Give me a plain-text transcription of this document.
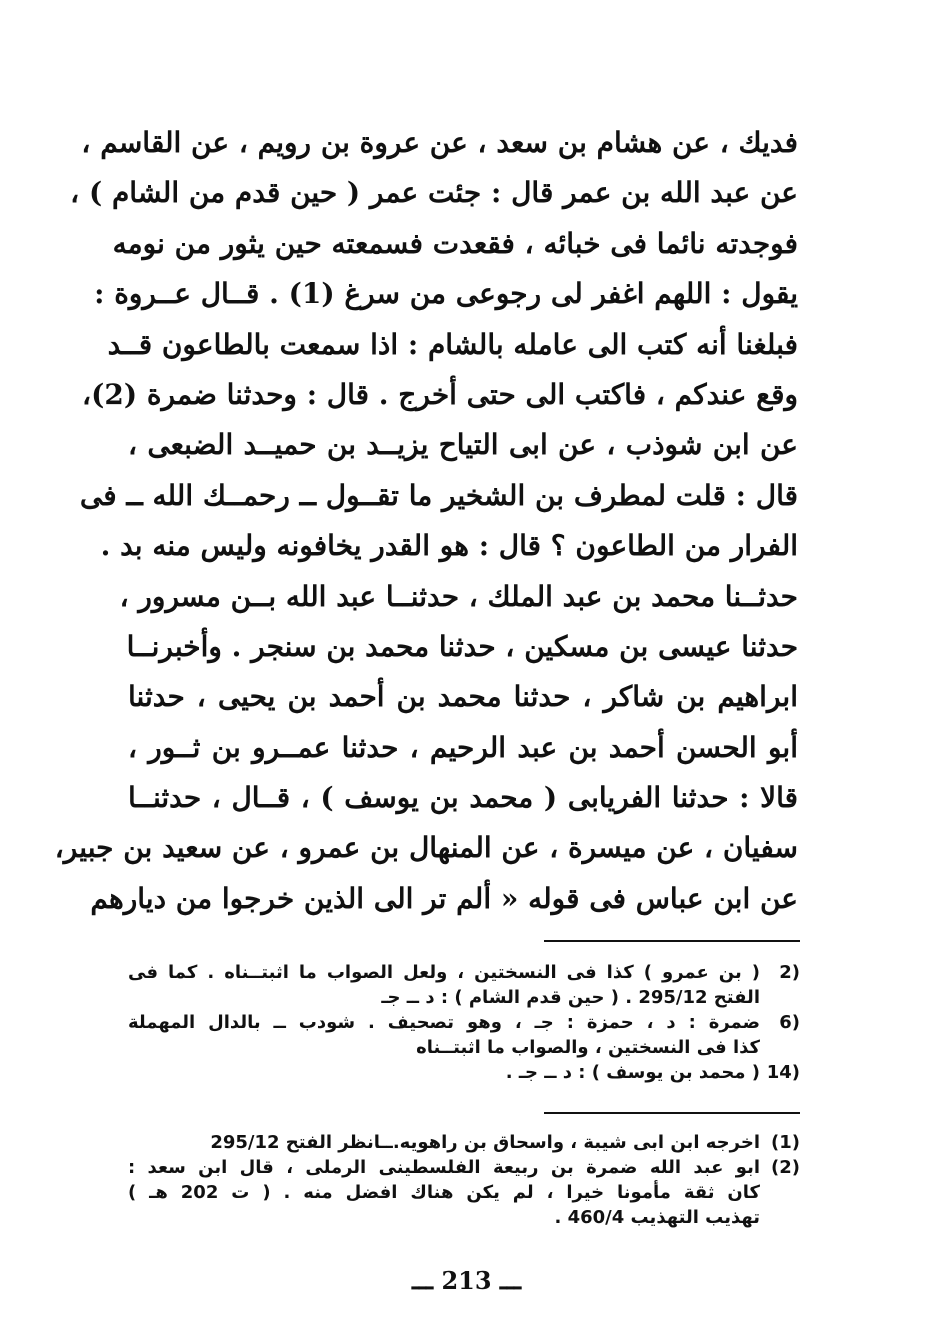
فديك ، عن هشام بن سعد ، عن عروة بن رويم ، عن القاسم ،
عن عبد الله بن عمر قال : جئت عمر ( حين قدم من الشام ) ،
فوجدته نائما فى خبائه ، فقعدت فسمعته حين يثور من نومه
يقول : اللهم اغفر لى رجوعى من سرغ (1) . قــال عــروة :
فبلغنا أنه كتب الى عامله بالشام : اذا سمعت بالطاعون قــد
وقع عندكم ، فاكتب الى حتى أخرج . قال : وحدثنا ضمرة (2)،
عن ابن شوذب ، عن ابى التياح يزيــد بن حميــد الضبعى ،
قال : قلت لمطرف بن الشخير ما تقــول ــ رحمــك الله ــ فى
الفرار من الطاعون ؟ قال : هو القدر يخافونه وليس منه بد .
حدثــنا محمد بن عبد الملك ، حدثنــا عبد الله بــن مسرور ،
حدثنا عيسى بن مسكين ، حدثنا محمد بن سنجر . وأخبرنــا
ابراهيم بن شاكر ، حدثنا محمد بن أحمد بن يحيى ، حدثنا
أبو الحسن أحمد بن عبد الرحيم ، حدثنا عمــرو بن ثــور ،
قالا : حدثنا الفريابى ( محمد بن يوسف ) ، قــال ، حدثنــا
سفيان ، عن ميسرة ، عن المنهال بن عمرو ، عن سعيد بن جبير،
عن ابن عباس فى قوله « ألم تر الى الذين خرجوا من ديارهم
2)
( بن عمرو ) كذا فى النسختين ، ولعل الصواب ما اثبتــناه . كما فى
الفتح 295/12 . ( حين قدم الشام ) : د ــ جـ
6)
ضمرة : د ، حمزة : جـ ، وهو تصحيف . شودب ــ بالدال المهملة
كذا فى النسختين ، والصواب ما اثبتــناه
14)
( محمد بن يوسف ) : د ــ جـ .
(1)
اخرجه ابن ابى شيبة ، واسحاق بن راهويه.ــانظر الفتح 295/12
(2)
ابو عبد الله ضمرة بن ربيعة الفلسطينى الرملى ، قال ابن سعد :
كان ثقة مأمونا خيرا ، لم يكن هناك افضل منه . ( ت 202 هـ )
تهذيب التهذيب 460/4 .
ـــ 213 ـــ
